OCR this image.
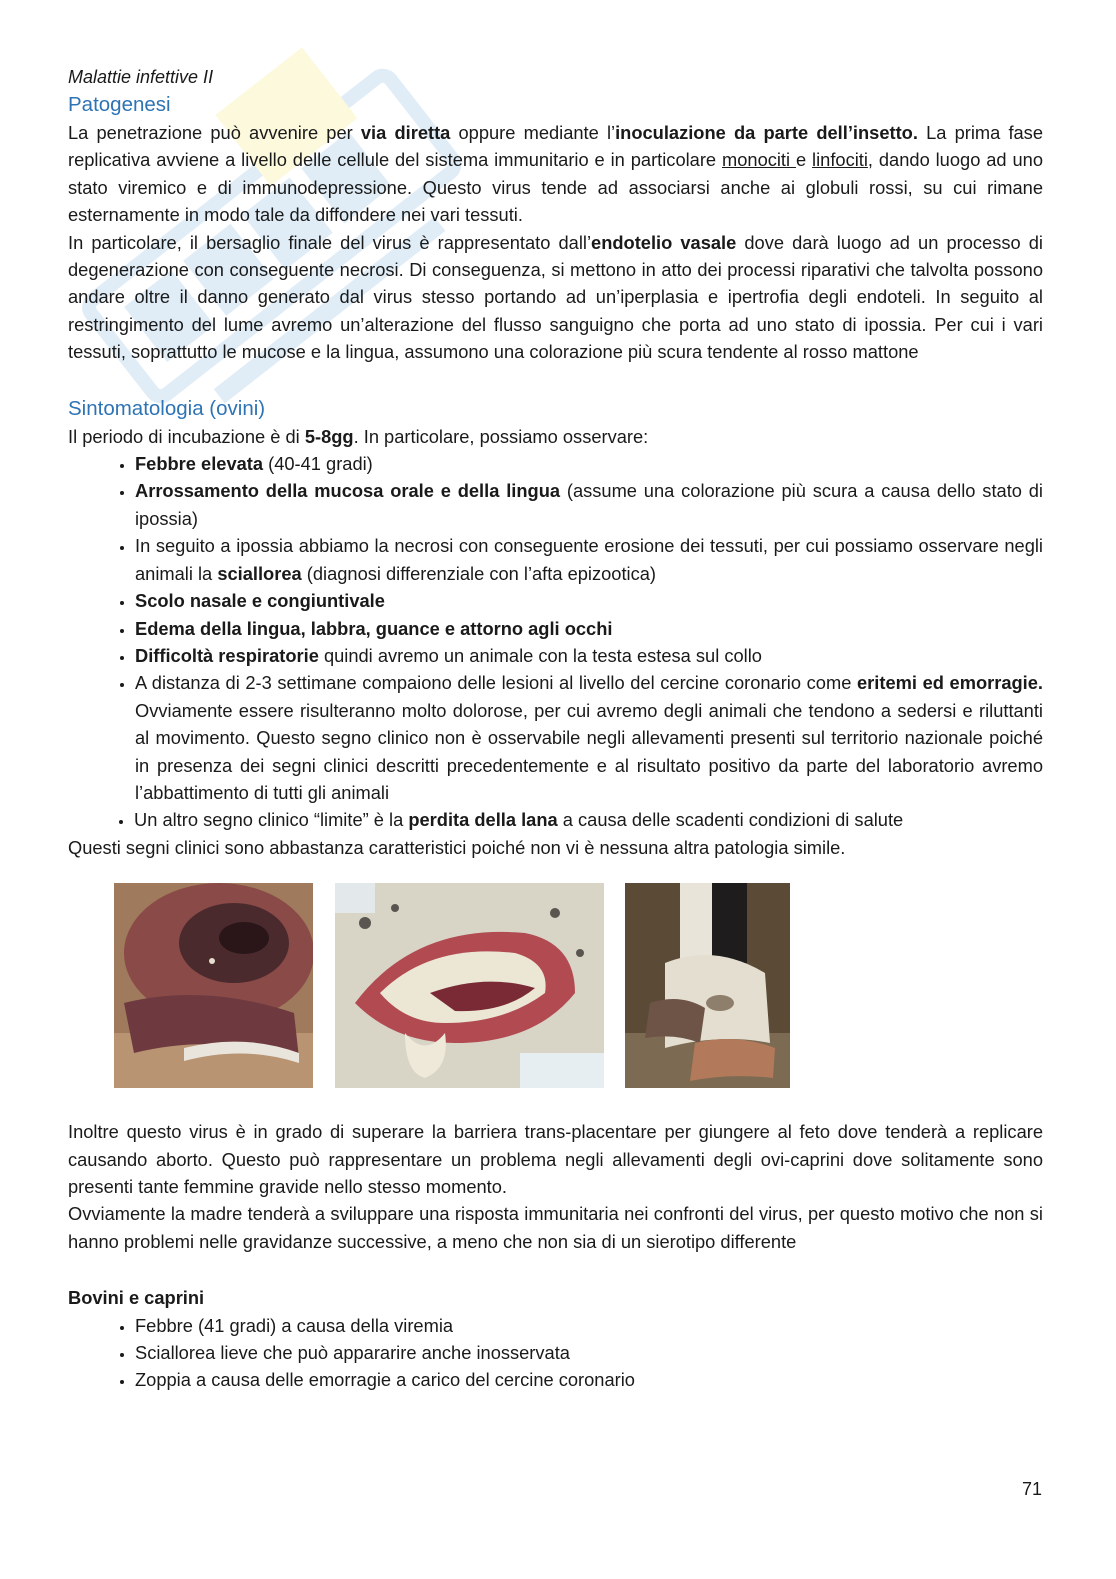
Malattie infettive II
Patogenesi

La penetrazione può avvenire per via diretta oppure mediante l’inoculazione da parte dell’insetto. La prima fase replicativa avviene a livello delle cellule del sistema immunitario e in particolare monociti e linfociti, dando luogo ad uno stato viremico e di immunodepressione. Questo virus tende ad associarsi anche ai globuli rossi, su cui rimane esternamente in modo tale da diffondere nei vari tessuti.

In particolare, il bersaglio finale del virus è rappresentato dall’endotelio vasale dove darà luogo ad un processo di degenerazione con conseguente necrosi. Di conseguenza, si mettono in atto dei processi riparativi che talvolta possono andare oltre il danno generato dal virus stesso portando ad un’iperplasia e ipertrofia degli endoteli. In seguito al restringimento del lume avremo un’alterazione del flusso sanguigno che porta ad uno stato di ipossia. Per cui i vari tessuti, soprattutto le mucose e la lingua, assumono una colorazione più scura tendente al rosso mattone

Sintomatologia (ovini)

Il periodo di incubazione è di 5-8gg. In particolare, possiamo osservare:

• Febbre elevata (40-41 gradi)
• Arrossamento della mucosa orale e della lingua (assume una colorazione più scura a causa dello stato di ipossia)
• In seguito a ipossia abbiamo la necrosi con conseguente erosione dei tessuti, per cui possiamo osservare negli animali la sciallorea (diagnosi differenziale con l’afta epizootica)
• Scolo nasale e congiuntivale
• Edema della lingua, labbra, guance e attorno agli occhi
• Difficoltà respiratorie quindi avremo un animale con la testa estesa sul collo
• A distanza di 2-3 settimane compaiono delle lesioni al livello del cercine coronario come eritemi ed emorragie. Ovviamente essere risulteranno molto dolorose, per cui avremo degli animali che tendono a sedersi e riluttanti al movimento. Questo segno clinico non è osservabile negli allevamenti presenti sul territorio nazionale poiché in presenza dei segni clinici descritti precedentemente e al risultato positivo da parte del laboratorio avremo l’abbattimento di tutti gli animali
• Un altro segno clinico “limite” è la perdita della lana a causa delle scadenti condizioni di salute

Questi segni clinici sono abbastanza caratteristici poiché non vi è nessuna altra patologia simile.

Inoltre questo virus è in grado di superare la barriera trans-placentare per giungere al feto dove tenderà a replicare causando aborto. Questo può rappresentare un problema negli allevamenti degli ovi-caprini dove solitamente sono presenti tante femmine gravide nello stesso momento.

Ovviamente la madre tenderà a sviluppare una risposta immunitaria nei confronti del virus, per questo motivo che non si hanno problemi nelle gravidanze successive, a meno che non sia di un sierotipo differente

Bovini e caprini
• Febbre (41 gradi) a causa della viremia
• Sciallorea lieve che può appararire anche inosservata
• Zoppia a causa delle emorragie a carico del cercine coronario
71
